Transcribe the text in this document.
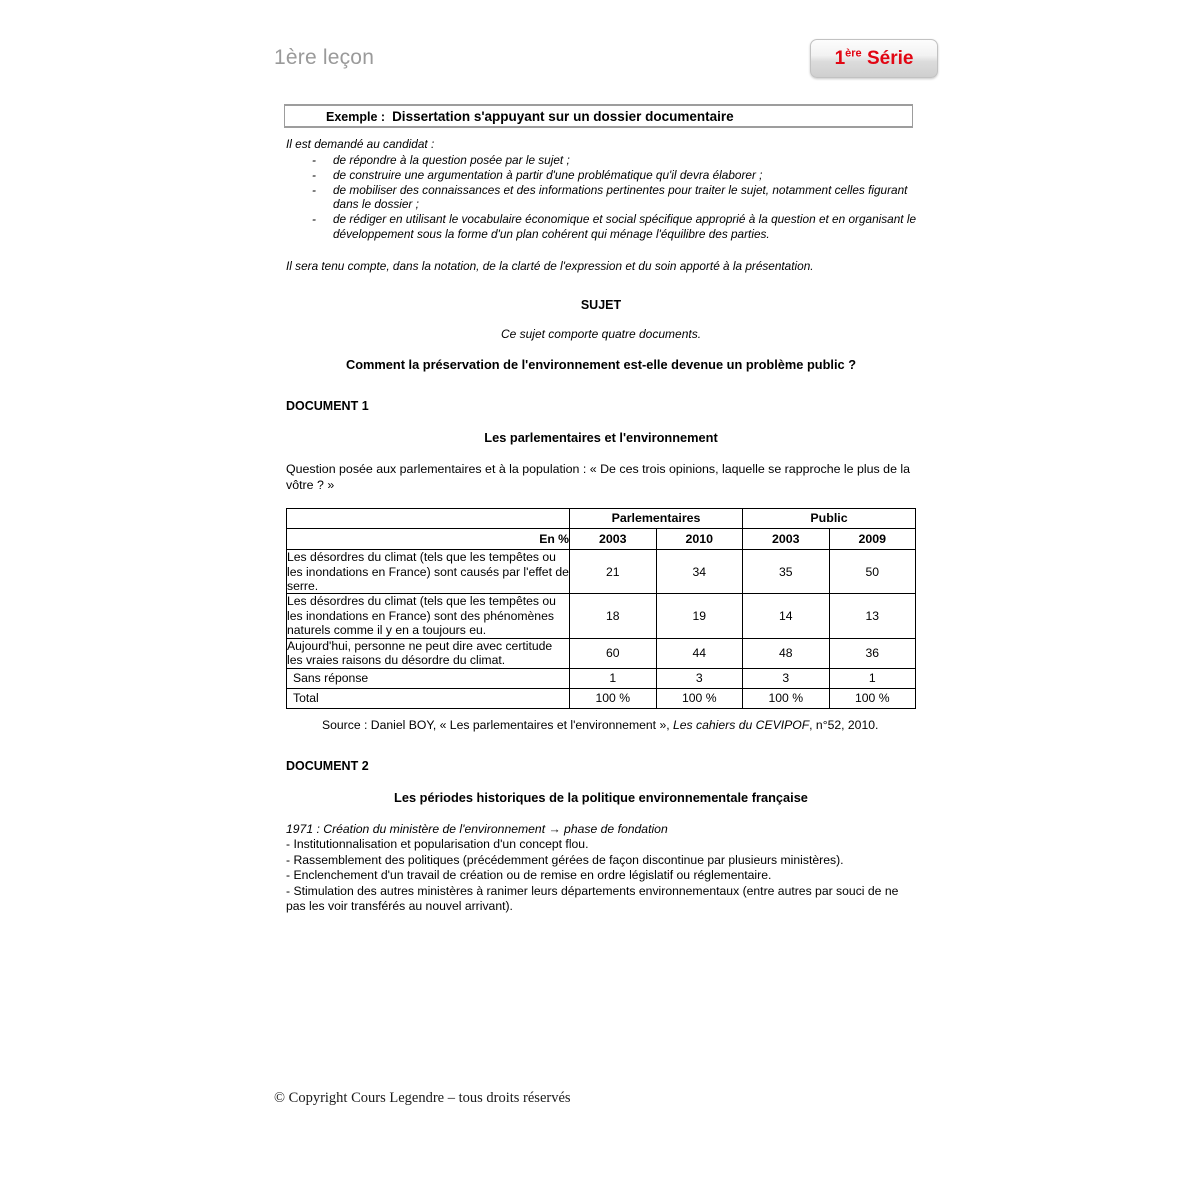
1ère leçon	1ère Série
Exemple : Dissertation s'appuyant sur un dossier documentaire

Il est demandé au candidat :

- de répondre à la question posée par le sujet ;
- de construire une argumentation à partir d'une problématique qu'il devra élaborer ;
- de mobiliser des connaissances et des informations pertinentes pour traiter le sujet, notamment celles figurant dans le dossier ;
- de rédiger en utilisant le vocabulaire économique et social spécifique approprié à la question et en organisant le développement sous la forme d'un plan cohérent qui ménage l'équilibre des parties.

Il sera tenu compte, dans la notation, de la clarté de l'expression et du soin apporté à la présentation.

SUJET
Ce sujet comporte quatre documents.
Comment la préservation de l'environnement est-elle devenue un problème public ?
DOCUMENT 1
Les parlementaires et l'environnement
Question posée aux parlementaires et à la population : « De ces trois opinions, laquelle se rapproche le plus de la vôtre ? »
	Parlementaires		Public	
En %	2003	2010	2003	2009
Les désordres du climat (tels que les tempêtes ou les inondations en France) sont causés par l'effet de serre.	21	34	35	50
Les désordres du climat (tels que les tempêtes ou les inondations en France) sont des phénomènes naturels comme il y en a toujours eu.	18	19	14	13
Aujourd'hui, personne ne peut dire avec certitude les vraies raisons du désordre du climat.	60	44	48	36
Sans réponse	1	3	3	1
Total	100 %	100 %	100 %	100 %
Source : Daniel BOY, « Les parlementaires et l'environnement », Les cahiers du CEVIPOF, n°52, 2010.
DOCUMENT 2
Les périodes historiques de la politique environnementale française
1971 : Création du ministère de l'environnement → phase de fondation
- Institutionnalisation et popularisation d'un concept flou.
- Rassemblement des politiques (précédemment gérées de façon discontinue par plusieurs ministères).
- Enclenchement d'un travail de création ou de remise en ordre législatif ou réglementaire.
- Stimulation des autres ministères à ranimer leurs départements environnementaux (entre autres par souci de ne pas les voir transférés au nouvel arrivant).
© Copyright Cours Legendre – tous droits réservés
